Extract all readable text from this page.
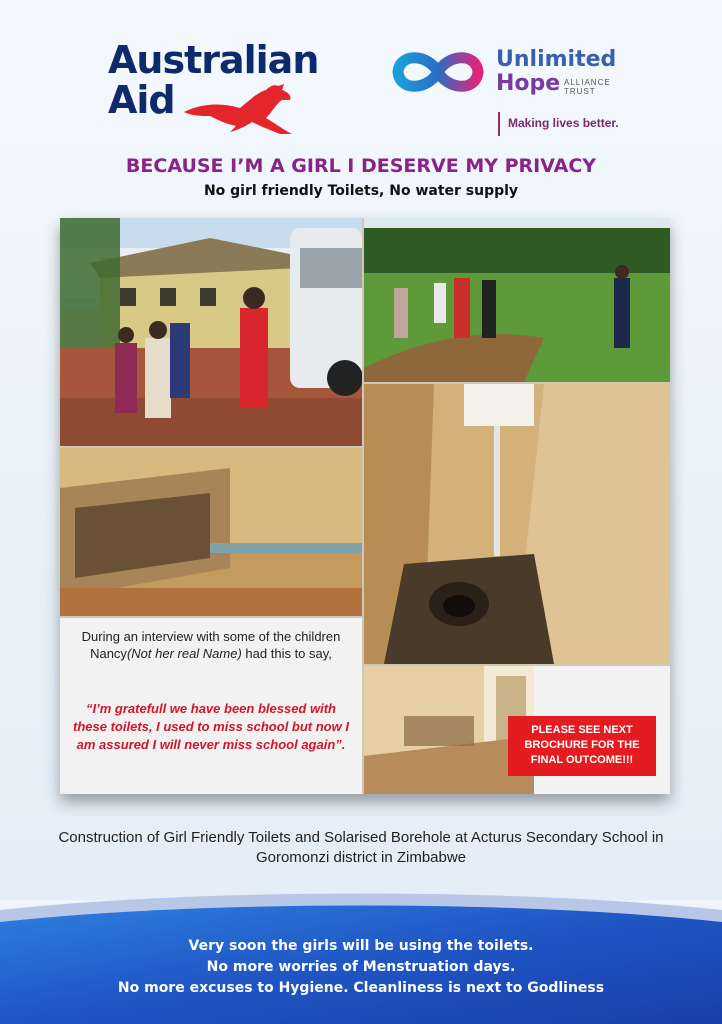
Australian
Aid
Unlimited
Hope ALLIANCE
TRUST
Making lives better.
BECAUSE I’M A GIRL I DESERVE MY PRIVACY
No girl friendly Toilets, No water supply
During an interview with some of the children Nancy(Not her real Name) had this to say,
“I’m gratefull we have been blessed with these toilets, I used to miss school but now I am assured I will never miss school again”.
PLEASE SEE NEXT BROCHURE FOR THE FINAL OUTCOME!!!
Construction of Girl Friendly Toilets and Solarised Borehole at Acturus Secondary School in Goromonzi district in Zimbabwe
Very soon the girls will be using the toilets.
No more worries of Menstruation days.
No more excuses to Hygiene. Cleanliness is next to Godliness
